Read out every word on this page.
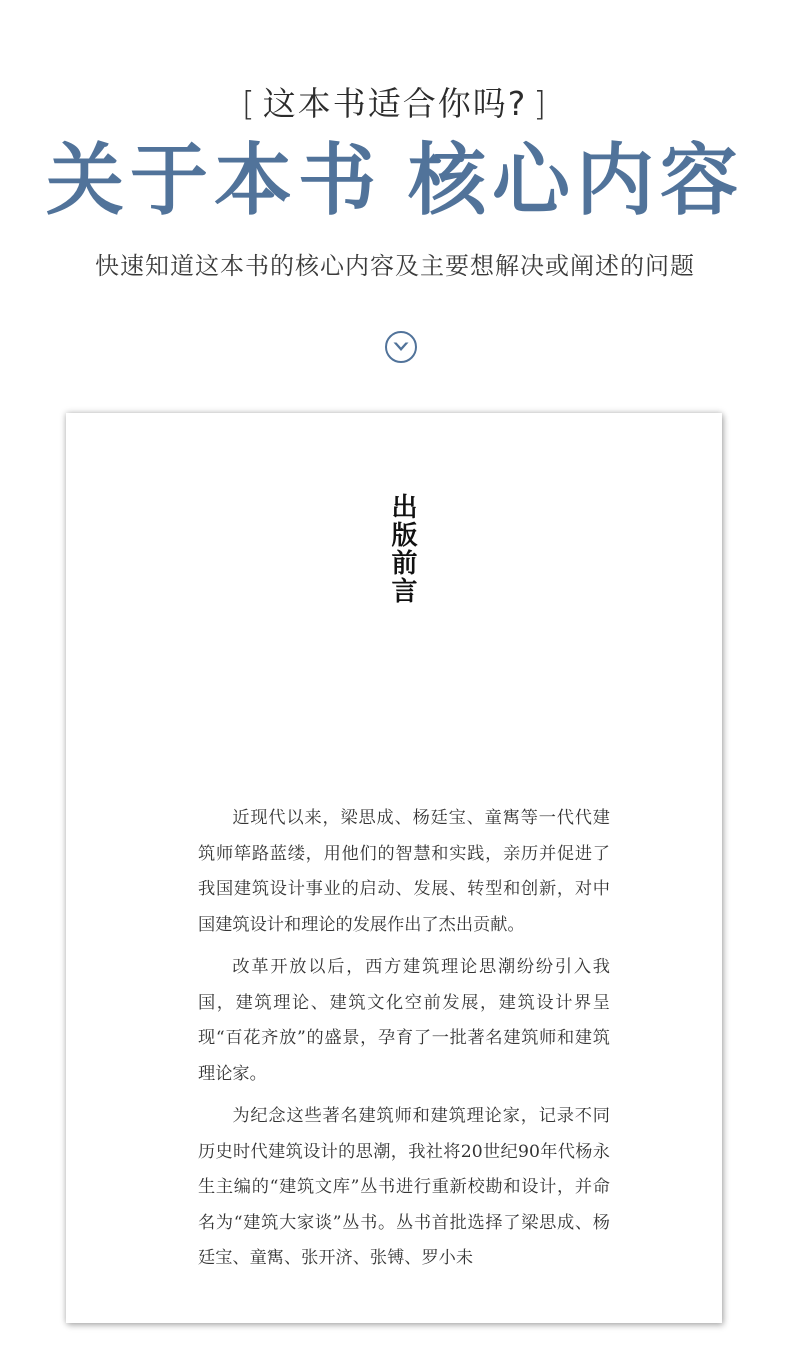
[ 这本书适合你吗? ]
关于本书 核心内容
快速知道这本书的核心内容及主要想解决或阐述的问题
出版前言

近现代以来，梁思成、杨廷宝、童寯等一代代建筑师筚路蓝缕，用他们的智慧和实践，亲历并促进了我国建筑设计事业的启动、发展、转型和创新，对中国建筑设计和理论的发展作出了杰出贡献。

改革开放以后，西方建筑理论思潮纷纷引入我国，建筑理论、建筑文化空前发展，建筑设计界呈现“百花齐放”的盛景，孕育了一批著名建筑师和建筑理论家。

为纪念这些著名建筑师和建筑理论家，记录不同历史时代建筑设计的思潮，我社将20世纪90年代杨永生主编的“建筑文库”丛书进行重新校勘和设计，并命名为“建筑大家谈”丛书。丛书首批选择了梁思成、杨廷宝、童寯、张开济、张镈、罗小未
